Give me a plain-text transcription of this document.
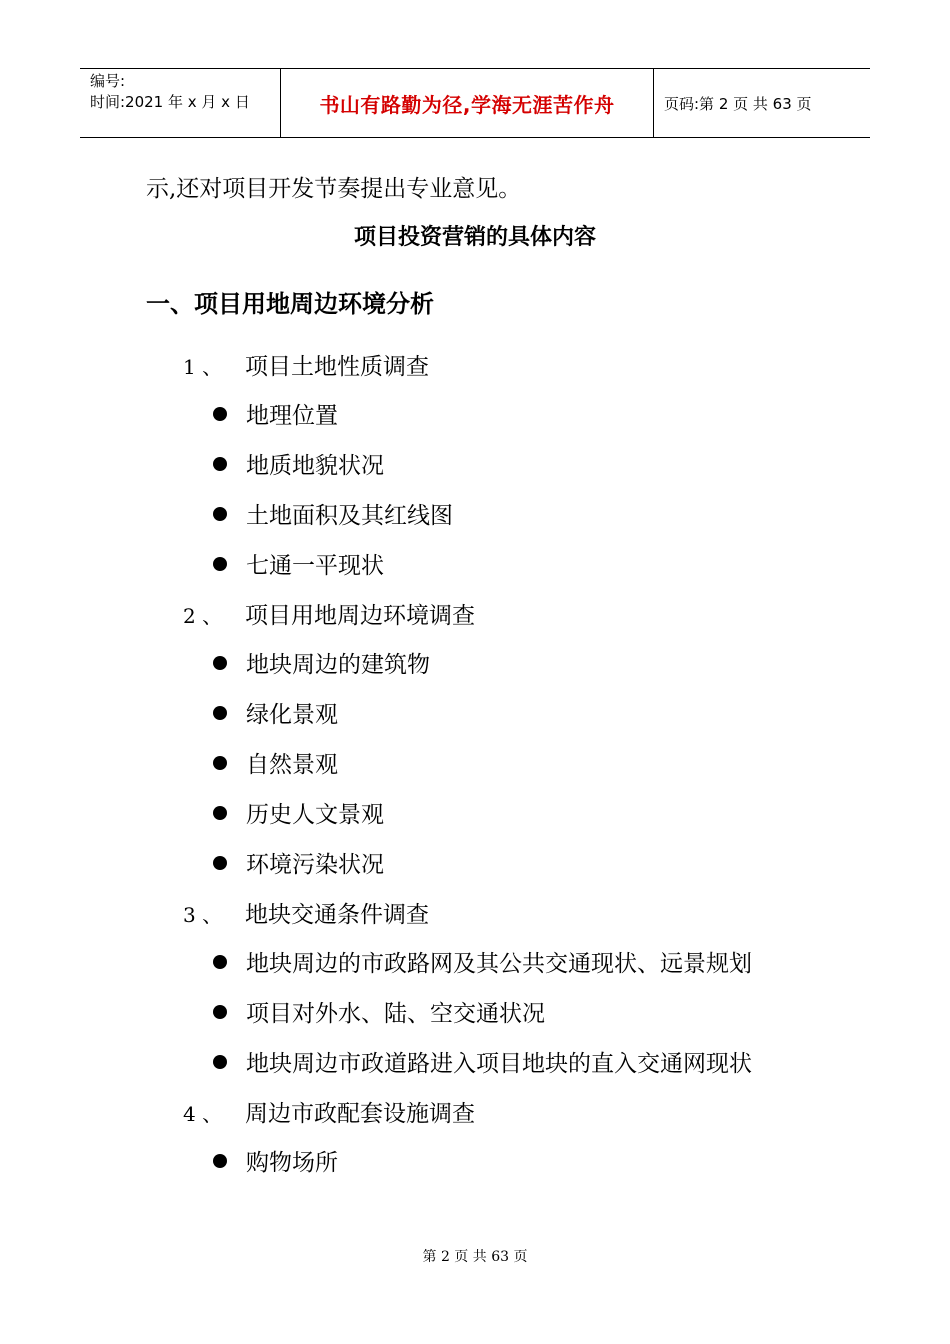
编号:
时间:2021 年 x 月 x 日	书山有路勤为径,学海无涯苦作舟	页码:第 2 页 共 63 页
示,还对项目开发节奏提出专业意见。
项目投资营销的具体内容
一、项目用地周边环境分析
1 、 项目土地性质调查
地理位置
地质地貌状况
土地面积及其红线图
七通一平现状
2 、 项目用地周边环境调查
地块周边的建筑物
绿化景观
自然景观
历史人文景观
环境污染状况
3 、 地块交通条件调查
地块周边的市政路网及其公共交通现状、远景规划
项目对外水、陆、空交通状况
地块周边市政道路进入项目地块的直入交通网现状
4 、 周边市政配套设施调查
购物场所
第 2 页 共 63 页
